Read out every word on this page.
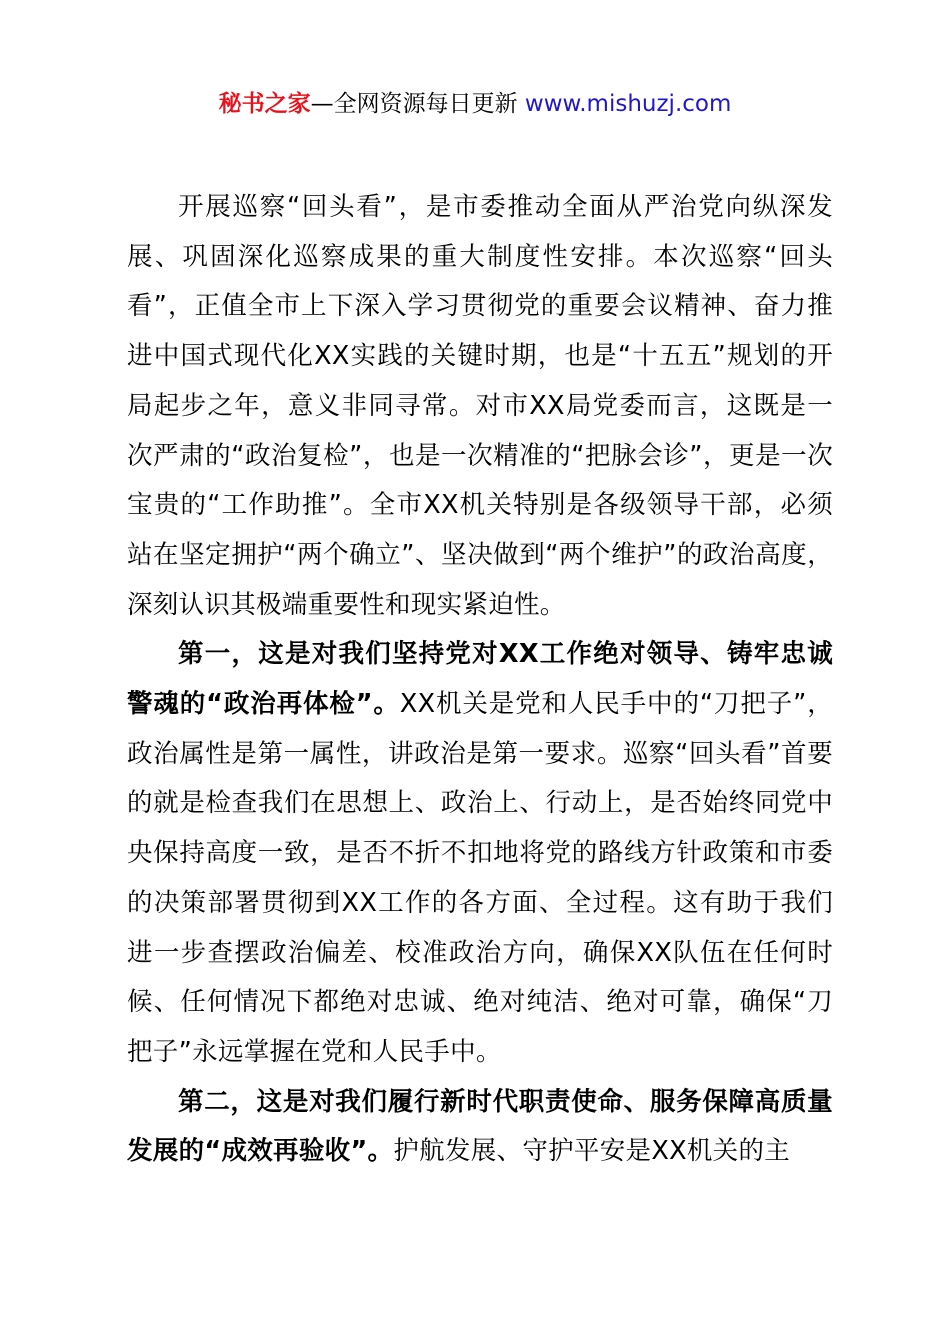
秘书之家—全网资源每日更新 www.mishuzj.com

开展巡察“回头看”，是市委推动全面从严治党向纵深发展、巩固深化巡察成果的重大制度性安排。本次巡察“回头看”，正值全市上下深入学习贯彻党的重要会议精神、奋力推进中国式现代化XX实践的关键时期，也是“十五五”规划的开局起步之年，意义非同寻常。对市XX局党委而言，这既是一次严肃的“政治复检”，也是一次精准的“把脉会诊”，更是一次宝贵的“工作助推”。全市XX机关特别是各级领导干部，必须站在坚定拥护“两个确立”、坚决做到“两个维护”的政治高度，深刻认识其极端重要性和现实紧迫性。

第一，这是对我们坚持党对XX工作绝对领导、铸牢忠诚警魂的“政治再体检”。XX机关是党和人民手中的“刀把子”，政治属性是第一属性，讲政治是第一要求。巡察“回头看”首要的就是检查我们在思想上、政治上、行动上，是否始终同党中央保持高度一致，是否不折不扣地将党的路线方针政策和市委的决策部署贯彻到XX工作的各方面、全过程。这有助于我们进一步查摆政治偏差、校准政治方向，确保XX队伍在任何时候、任何情况下都绝对忠诚、绝对纯洁、绝对可靠，确保“刀把子”永远掌握在党和人民手中。

第二，这是对我们履行新时代职责使命、服务保障高质量发展的“成效再验收”。护航发展、守护平安是XX机关的主
